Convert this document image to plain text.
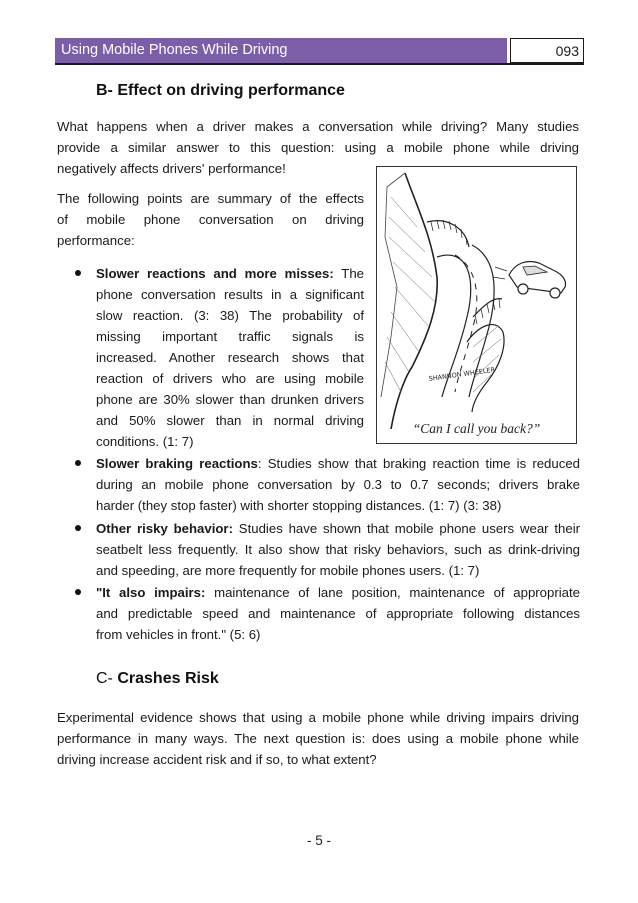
Using Mobile Phones While Driving	093
B- Effect on driving performance
What happens when a driver makes a conversation while driving? Many studies
provide a similar answer to this question: using a mobile phone while driving
negatively affects drivers' performance!
The following points are summary of the effects
of mobile phone conversation on driving
performance:
Slower reactions and more misses: The
phone conversation results in a significant
slow reaction. (3: 38) The probability of
missing important traffic signals is
increased. Another research shows that
reaction of drivers who are using mobile
phone are 30% slower than drunken drivers
and 50% slower than in normal driving
conditions. (1: 7)
SHANNON WHEELER
“Can I call you back?”
Slower braking reactions: Studies show that braking reaction time is reduced
during an mobile phone conversation by 0.3 to 0.7 seconds; drivers brake
harder (they stop faster) with shorter stopping distances. (1: 7) (3: 38)
Other risky behavior: Studies have shown that mobile phone users wear their
seatbelt less frequently. It also show that risky behaviors, such as drink-driving
and speeding, are more frequently for mobile phones users. (1: 7)
"It also impairs: maintenance of lane position, maintenance of appropriate
and predictable speed and maintenance of appropriate following distances
from vehicles in front." (5: 6)
C- Crashes Risk
Experimental evidence shows that using a mobile phone while driving impairs driving
performance in many ways. The next question is: does using a mobile phone while
driving increase accident risk and if so, to what extent?
- 5 -
